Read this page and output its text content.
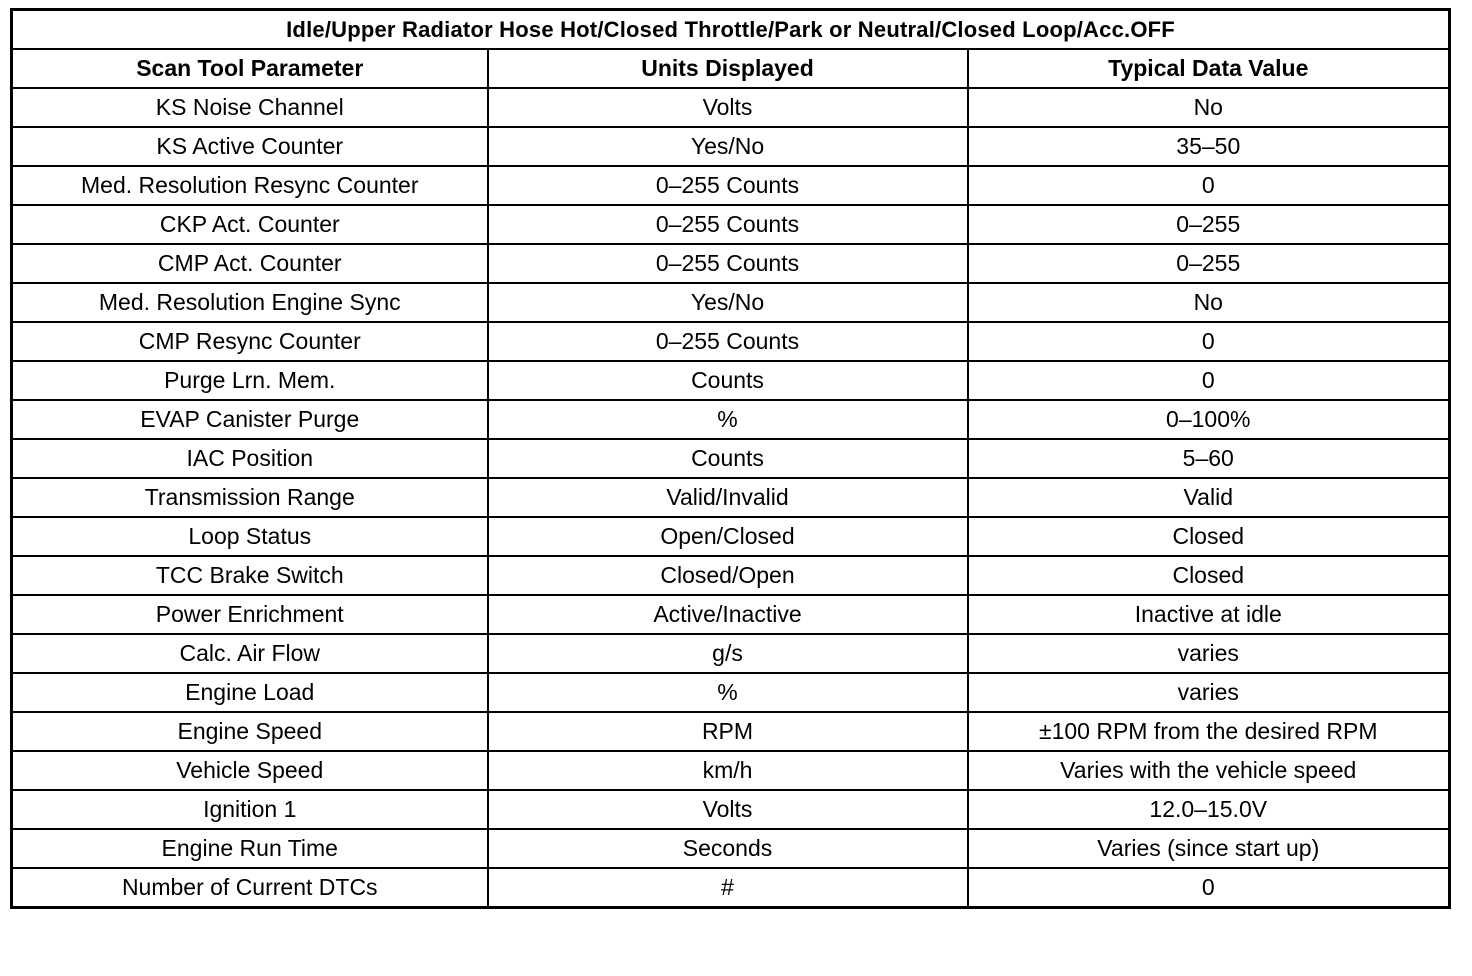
Idle/Upper Radiator Hose Hot/Closed Throttle/Park or Neutral/Closed Loop/Acc.OFF		
Scan Tool Parameter	Units Displayed	Typical Data Value
KS Noise Channel	Volts	No
KS Active Counter	Yes/No	35–50
Med. Resolution Resync Counter	0–255 Counts	0
CKP Act. Counter	0–255 Counts	0–255
CMP Act. Counter	0–255 Counts	0–255
Med. Resolution Engine Sync	Yes/No	No
CMP Resync Counter	0–255 Counts	0
Purge Lrn. Mem.	Counts	0
EVAP Canister Purge	%	0–100%
IAC Position	Counts	5–60
Transmission Range	Valid/Invalid	Valid
Loop Status	Open/Closed	Closed
TCC Brake Switch	Closed/Open	Closed
Power Enrichment	Active/Inactive	Inactive at idle
Calc. Air Flow	g/s	varies
Engine Load	%	varies
Engine Speed	RPM	±100 RPM from the desired RPM
Vehicle Speed	km/h	Varies with the vehicle speed
Ignition 1	Volts	12.0–15.0V
Engine Run Time	Seconds	Varies (since start up)
Number of Current DTCs	#	0
